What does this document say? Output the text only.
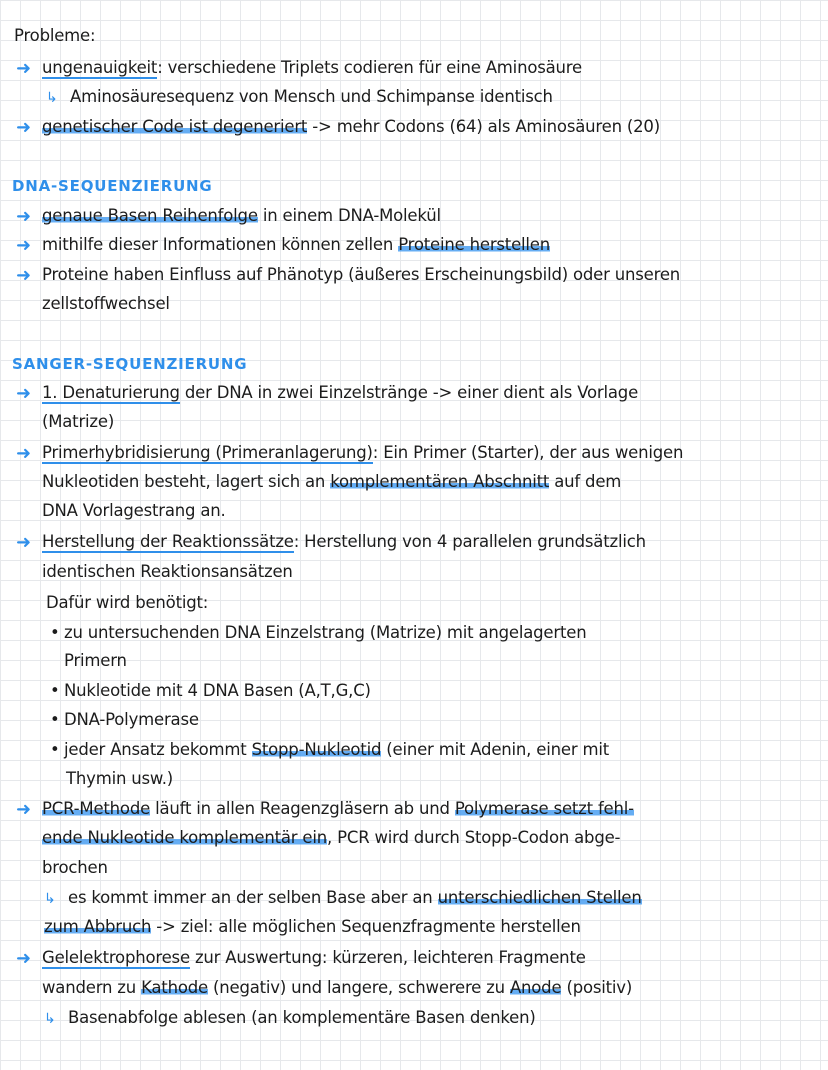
Probleme:
➜ ungenauigkeit: verschiedene Triplets codieren für eine Aminosäure
↳ Aminosäuresequenz von Mensch und Schimpanse identisch
➜ genetischer Code ist degeneriert -> mehr Codons (64) als Aminosäuren (20)
DNA-SEQUENZIERUNG
➜ genaue Basen Reihenfolge in einem DNA-Molekül
➜ mithilfe dieser Informationen können zellen Proteine herstellen
➜ Proteine haben Einfluss auf Phänotyp (äußeres Erscheinungsbild) oder unseren
zellstoffwechsel
SANGER-SEQUENZIERUNG
➜ 1. Denaturierung der DNA in zwei Einzelstränge -> einer dient als Vorlage
(Matrize)
➜ Primerhybridisierung (Primeranlagerung): Ein Primer (Starter), der aus wenigen
Nukleotiden besteht, lagert sich an komplementären Abschnitt auf dem
DNA Vorlagestrang an.
➜ Herstellung der Reaktionssätze: Herstellung von 4 parallelen grundsätzlich
identischen Reaktionsansätzen
Dafür wird benötigt:
• zu untersuchenden DNA Einzelstrang (Matrize) mit angelagerten
Primern
• Nukleotide mit 4 DNA Basen (A,T,G,C)
• DNA-Polymerase
• jeder Ansatz bekommt Stopp-Nukleotid (einer mit Adenin, einer mit
Thymin usw.)
➜ PCR-Methode läuft in allen Reagenzgläsern ab und Polymerase setzt fehl-
ende Nukleotide komplementär ein, PCR wird durch Stopp-Codon abge-
brochen
↳ es kommt immer an der selben Base aber an unterschiedlichen Stellen
zum Abbruch -> ziel: alle möglichen Sequenzfragmente herstellen
➜ Gelelektrophorese zur Auswertung: kürzeren, leichteren Fragmente
wandern zu Kathode (negativ) und langere, schwerere zu Anode (positiv)
↳ Basenabfolge ablesen (an komplementäre Basen denken)
